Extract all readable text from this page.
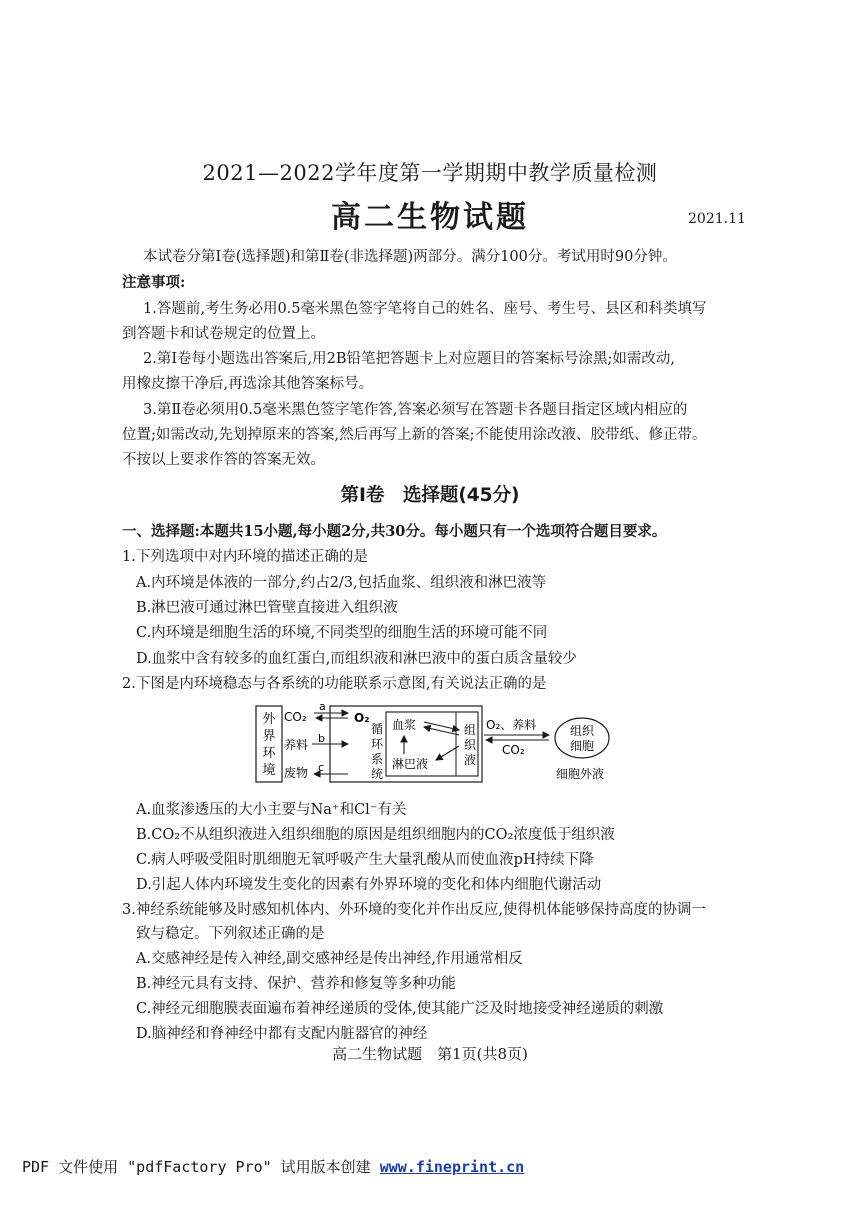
2021—2022学年度第一学期期中教学质量检测
高二生物试题	2021.11
本试卷分第Ⅰ卷(选择题)和第Ⅱ卷(非选择题)两部分。满分100分。考试用时90分钟。
注意事项:
1.答题前,考生务必用0.5毫米黑色签字笔将自己的姓名、座号、考生号、县区和科类填写
到答题卡和试卷规定的位置上。
2.第Ⅰ卷每小题选出答案后,用2B铅笔把答题卡上对应题目的答案标号涂黑;如需改动,
用橡皮擦干净后,再选涂其他答案标号。
3.第Ⅱ卷必须用0.5毫米黑色签字笔作答,答案必须写在答题卡各题目指定区域内相应的
位置;如需改动,先划掉原来的答案,然后再写上新的答案;不能使用涂改液、胶带纸、修正带。
不按以上要求作答的答案无效。
第Ⅰ卷　选择题(45分)
一、选择题:本题共15小题,每小题2分,共30分。每小题只有一个选项符合题目要求。
1.下列选项中对内环境的描述正确的是
A.内环境是体液的一部分,约占2/3,包括血浆、组织液和淋巴液等
B.淋巴液可通过淋巴管壁直接进入组织液
C.内环境是细胞生活的环境,不同类型的细胞生活的环境可能不同
D.血浆中含有较多的血红蛋白,而组织液和淋巴液中的蛋白质含量较少
2.下图是内环境稳态与各系统的功能联系示意图,有关说法正确的是
外
界
环
境
CO₂
养料
废物
a
b
c
O₂
循
环
系
统
血浆
淋巴液
组
织
液
O₂、养料
CO₂
组织
细胞
细胞外液
A.血浆渗透压的大小主要与Na⁺和Cl⁻有关
B.CO₂不从组织液进入组织细胞的原因是组织细胞内的CO₂浓度低于组织液
C.病人呼吸受阻时肌细胞无氧呼吸产生大量乳酸从而使血液pH持续下降
D.引起人体内环境发生变化的因素有外界环境的变化和体内细胞代谢活动
3.神经系统能够及时感知机体内、外环境的变化并作出反应,使得机体能够保持高度的协调一
致与稳定。下列叙述正确的是
A.交感神经是传入神经,副交感神经是传出神经,作用通常相反
B.神经元具有支持、保护、营养和修复等多种功能
C.神经元细胞膜表面遍布着神经递质的受体,使其能广泛及时地接受神经递质的刺激
D.脑神经和脊神经中都有支配内脏器官的神经
高二生物试题　第1页(共8页)
PDF 文件使用 "pdfFactory Pro" 试用版本创建 www.fineprint.cn
